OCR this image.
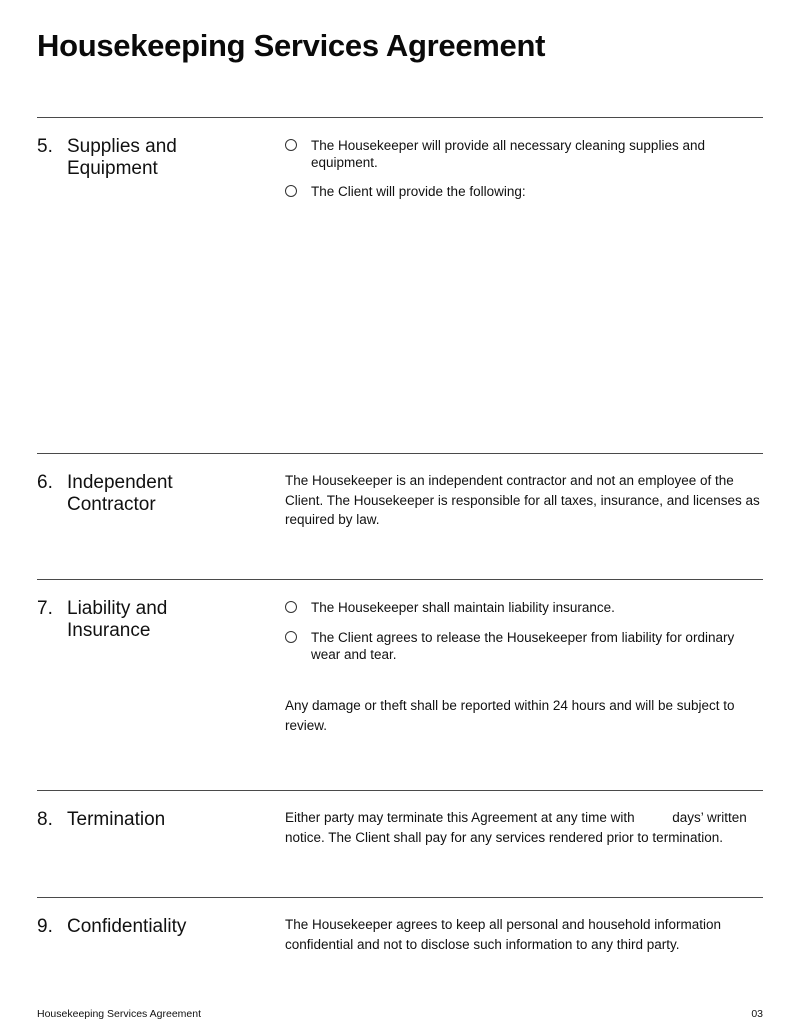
Housekeeping Services Agreement
5. Supplies and Equipment
The Housekeeper will provide all necessary cleaning supplies and equipment.
The Client will provide the following:
6. Independent Contractor
The Housekeeper is an independent contractor and not an employee of the Client. The Housekeeper is responsible for all taxes, insurance, and licenses as required by law.
7. Liability and Insurance
The Housekeeper shall maintain liability insurance.
The Client agrees to release the Housekeeper from liability for ordinary wear and tear.
Any damage or theft shall be reported within 24 hours and will be subject to review.
8. Termination	Either party may terminate this Agreement at any time with	days’ written notice. The Client shall pay for any services rendered prior to termination.
9. Confidentiality	The Housekeeper agrees to keep all personal and household information confidential and not to disclose such information to any third party.
Housekeeping Services Agreement	03
